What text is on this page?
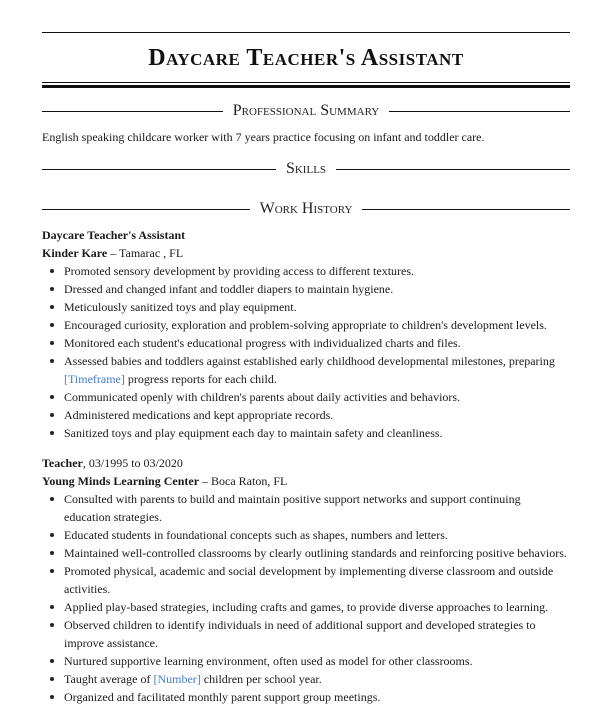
Daycare Teacher's Assistant
Professional Summary
English speaking childcare worker with 7 years practice focusing on infant and toddler care.
Skills
Work History
Daycare Teacher's Assistant
Kinder Kare – Tamarac , FL
Promoted sensory development by providing access to different textures.
Dressed and changed infant and toddler diapers to maintain hygiene.
Meticulously sanitized toys and play equipment.
Encouraged curiosity, exploration and problem-solving appropriate to children's development levels.
Monitored each student's educational progress with individualized charts and files.
Assessed babies and toddlers against established early childhood developmental milestones, preparing [Timeframe] progress reports for each child.
Communicated openly with children's parents about daily activities and behaviors.
Administered medications and kept appropriate records.
Sanitized toys and play equipment each day to maintain safety and cleanliness.
Teacher, 03/1995 to 03/2020
Young Minds Learning Center – Boca Raton, FL
Consulted with parents to build and maintain positive support networks and support continuing education strategies.
Educated students in foundational concepts such as shapes, numbers and letters.
Maintained well-controlled classrooms by clearly outlining standards and reinforcing positive behaviors.
Promoted physical, academic and social development by implementing diverse classroom and outside activities.
Applied play-based strategies, including crafts and games, to provide diverse approaches to learning.
Observed children to identify individuals in need of additional support and developed strategies to improve assistance.
Nurtured supportive learning environment, often used as model for other classrooms.
Taught average of [Number] children per school year.
Organized and facilitated monthly parent support group meetings.
